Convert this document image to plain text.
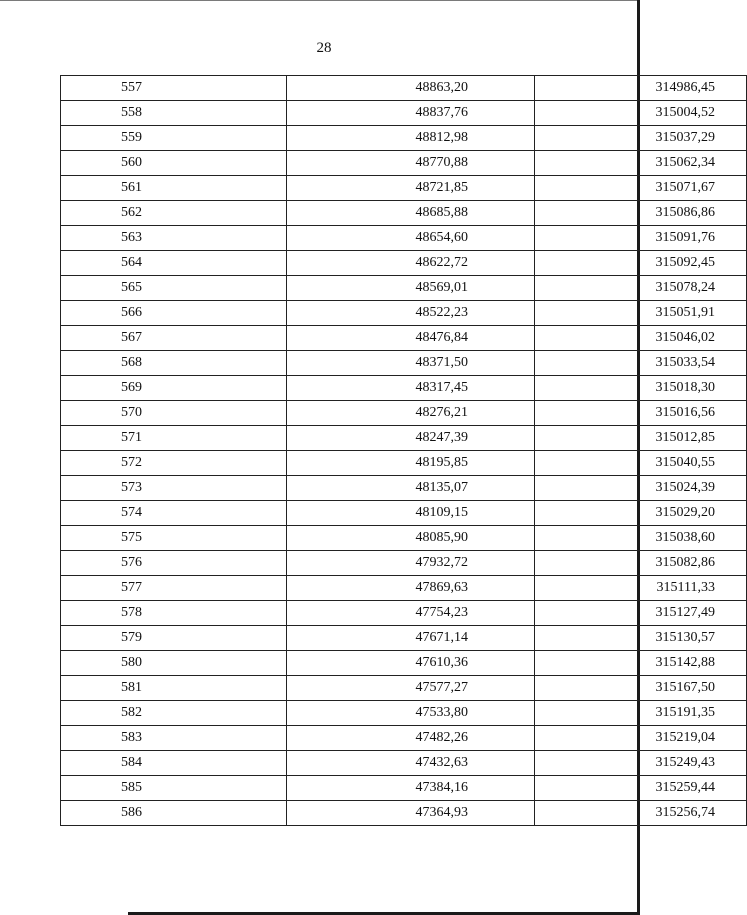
28
557	48863,20	314986,45
558	48837,76	315004,52
559	48812,98	315037,29
560	48770,88	315062,34
561	48721,85	315071,67
562	48685,88	315086,86
563	48654,60	315091,76
564	48622,72	315092,45
565	48569,01	315078,24
566	48522,23	315051,91
567	48476,84	315046,02
568	48371,50	315033,54
569	48317,45	315018,30
570	48276,21	315016,56
571	48247,39	315012,85
572	48195,85	315040,55
573	48135,07	315024,39
574	48109,15	315029,20
575	48085,90	315038,60
576	47932,72	315082,86
577	47869,63	315111,33
578	47754,23	315127,49
579	47671,14	315130,57
580	47610,36	315142,88
581	47577,27	315167,50
582	47533,80	315191,35
583	47482,26	315219,04
584	47432,63	315249,43
585	47384,16	315259,44
586	47364,93	315256,74
